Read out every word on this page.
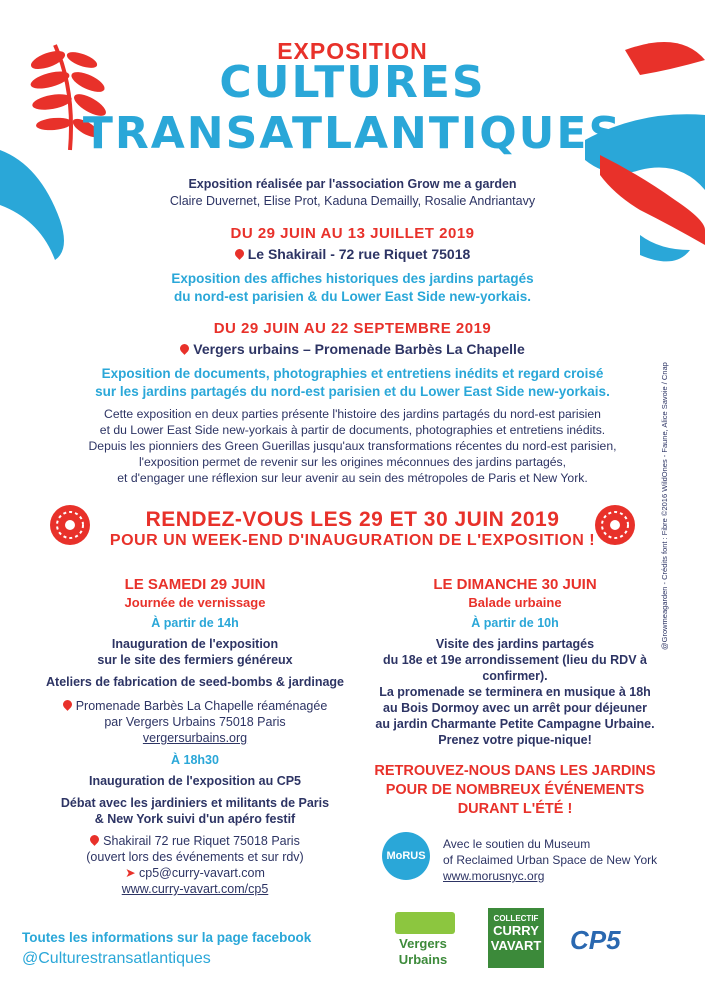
EXPOSITION
CULTURES
TRANSATLANTIQUES
Exposition réalisée par l'association Grow me a garden
Claire Duvernet, Elise Prot, Kaduna Demailly, Rosalie Andriantavy
DU 29 JUIN AU 13 JUILLET 2019
Le Shakirail - 72 rue Riquet 75018
Exposition des affiches historiques des jardins partagés
du nord-est parisien & du Lower East Side new-yorkais.
DU 29 JUIN AU 22 SEPTEMBRE 2019
Vergers urbains – Promenade Barbès La Chapelle
Exposition de documents, photographies et entretiens inédits et regard croisé
sur les jardins partagés du nord-est parisien et du Lower East Side new-yorkais.
Cette exposition en deux parties présente l'histoire des jardins partagés du nord-est parisien
et du Lower East Side new-yorkais à partir de documents, photographies et entretiens inédits.
Depuis les pionniers des Green Guerillas jusqu'aux transformations récentes du nord-est parisien,
l'exposition permet de revenir sur les origines méconnues des jardins partagés,
et d'engager une réflexion sur leur avenir au sein des métropoles de Paris et New York.
RENDEZ-VOUS LES 29 ET 30 JUIN 2019
POUR UN WEEK-END D'INAUGURATION DE L'EXPOSITION !
LE SAMEDI 29 JUIN
Journée de vernissage
À partir de 14h
Inauguration de l'exposition
sur le site des fermiers généreux
Ateliers de fabrication de seed-bombs & jardinage
Promenade Barbès La Chapelle réaménagée
par Vergers Urbains 75018 Paris
vergersurbains.org
À 18h30
Inauguration de l'exposition au CP5
Débat avec les jardiniers et militants de Paris
& New York suivi d'un apéro festif
Shakirail 72 rue Riquet 75018 Paris
(ouvert lors des événements et sur rdv)
➤ cp5@curry-vavart.com
www.curry-vavart.com/cp5
LE DIMANCHE 30 JUIN
Balade urbaine
À partir de 10h
Visite des jardins partagés
du 18e et 19e arrondissement (lieu du RDV à confirmer).
La promenade se terminera en musique à 18h
au Bois Dormoy avec un arrêt pour déjeuner
au jardin Charmante Petite Campagne Urbaine.
Prenez votre pique-nique!
RETROUVEZ-NOUS DANS LES JARDINS
POUR DE NOMBREUX ÉVÉNEMENTS
DURANT L'ÉTÉ !
MoRUS
Avec le soutien du Museum
of Reclaimed Urban Space de New York
www.morusnyc.org
Toutes les informations sur la page facebook
@Culturestransatlantiques
Vergers
Urbains
COLLECTIF
CURRY
VAVART CP5
@Growmeagarden - Crédits font : Fibre ©2016 WildOnes - Faune, Alice Savoie / Cnap
